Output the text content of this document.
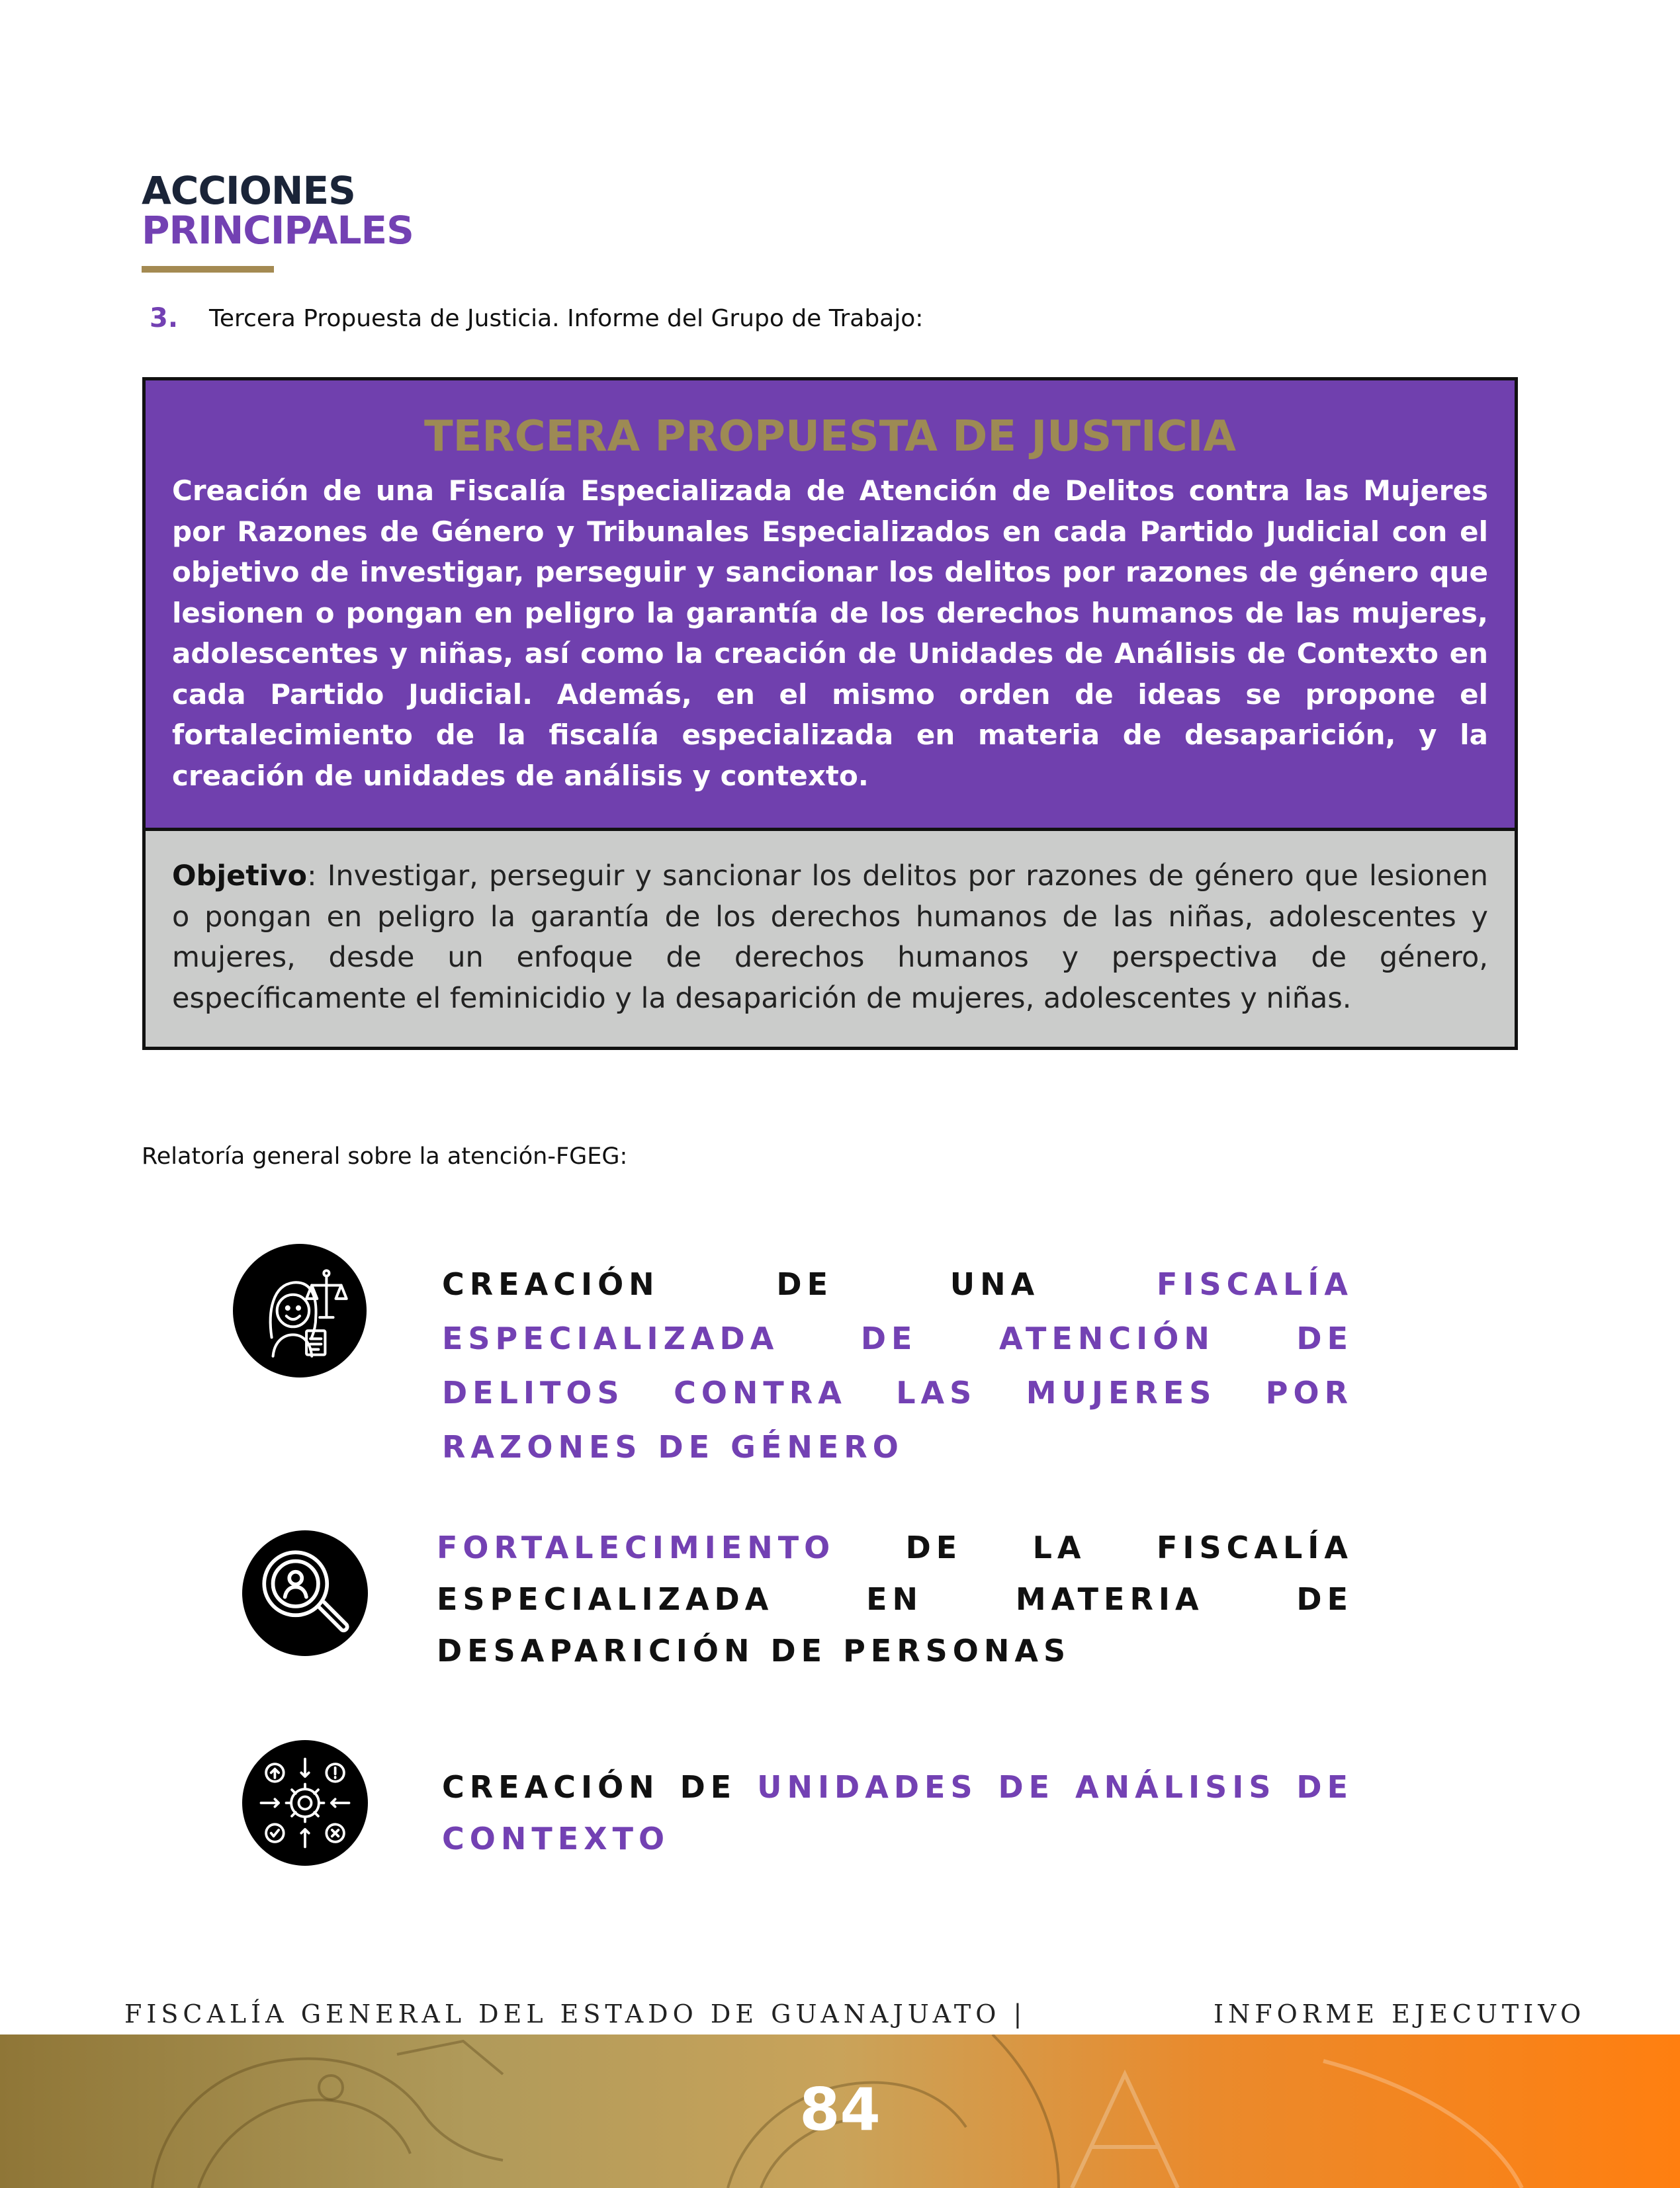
ACCIONES
PRINCIPALES
3.	Tercera Propuesta de Justicia. Informe del Grupo de Trabajo:
TERCERA PROPUESTA DE JUSTICIA
Creación de una Fiscalía Especializada de Atención de Delitos contra las Mujeres por Razones de Género y Tribunales Especializados en cada Partido Judicial con el objetivo de investigar, perseguir y sancionar los delitos por razones de género que lesionen o pongan en peligro la garantía de los derechos humanos de las mujeres, adolescentes y niñas, así como la creación de Unidades de Análisis de Contexto en cada Partido Judicial. Además, en el mismo orden de ideas se propone el fortalecimiento de la fiscalía especializada en materia de desaparición, y la creación de unidades de análisis y contexto.
Objetivo: Investigar, perseguir y sancionar los delitos por razones de género que lesionen o pongan en peligro la garantía de los derechos humanos de las niñas, adolescentes y mujeres, desde un enfoque de derechos humanos y perspectiva de género, específicamente el feminicidio y la desaparición de mujeres, adolescentes y niñas.
Relatoría general sobre la atención-FGEG:
CREACIÓN DE UNA FISCALÍA ESPECIALIZADA DE ATENCIÓN DE DELITOS CONTRA LAS MUJERES POR RAZONES DE GÉNERO
FORTALECIMIENTO DE LA FISCALÍA ESPECIALIZADA EN MATERIA DE DESAPARICIÓN DE PERSONAS
CREACIÓN DE UNIDADES DE ANÁLISIS DE CONTEXTO
FISCALÍA GENERAL DEL ESTADO DE GUANAJUATO |	INFORME EJECUTIVO
84
